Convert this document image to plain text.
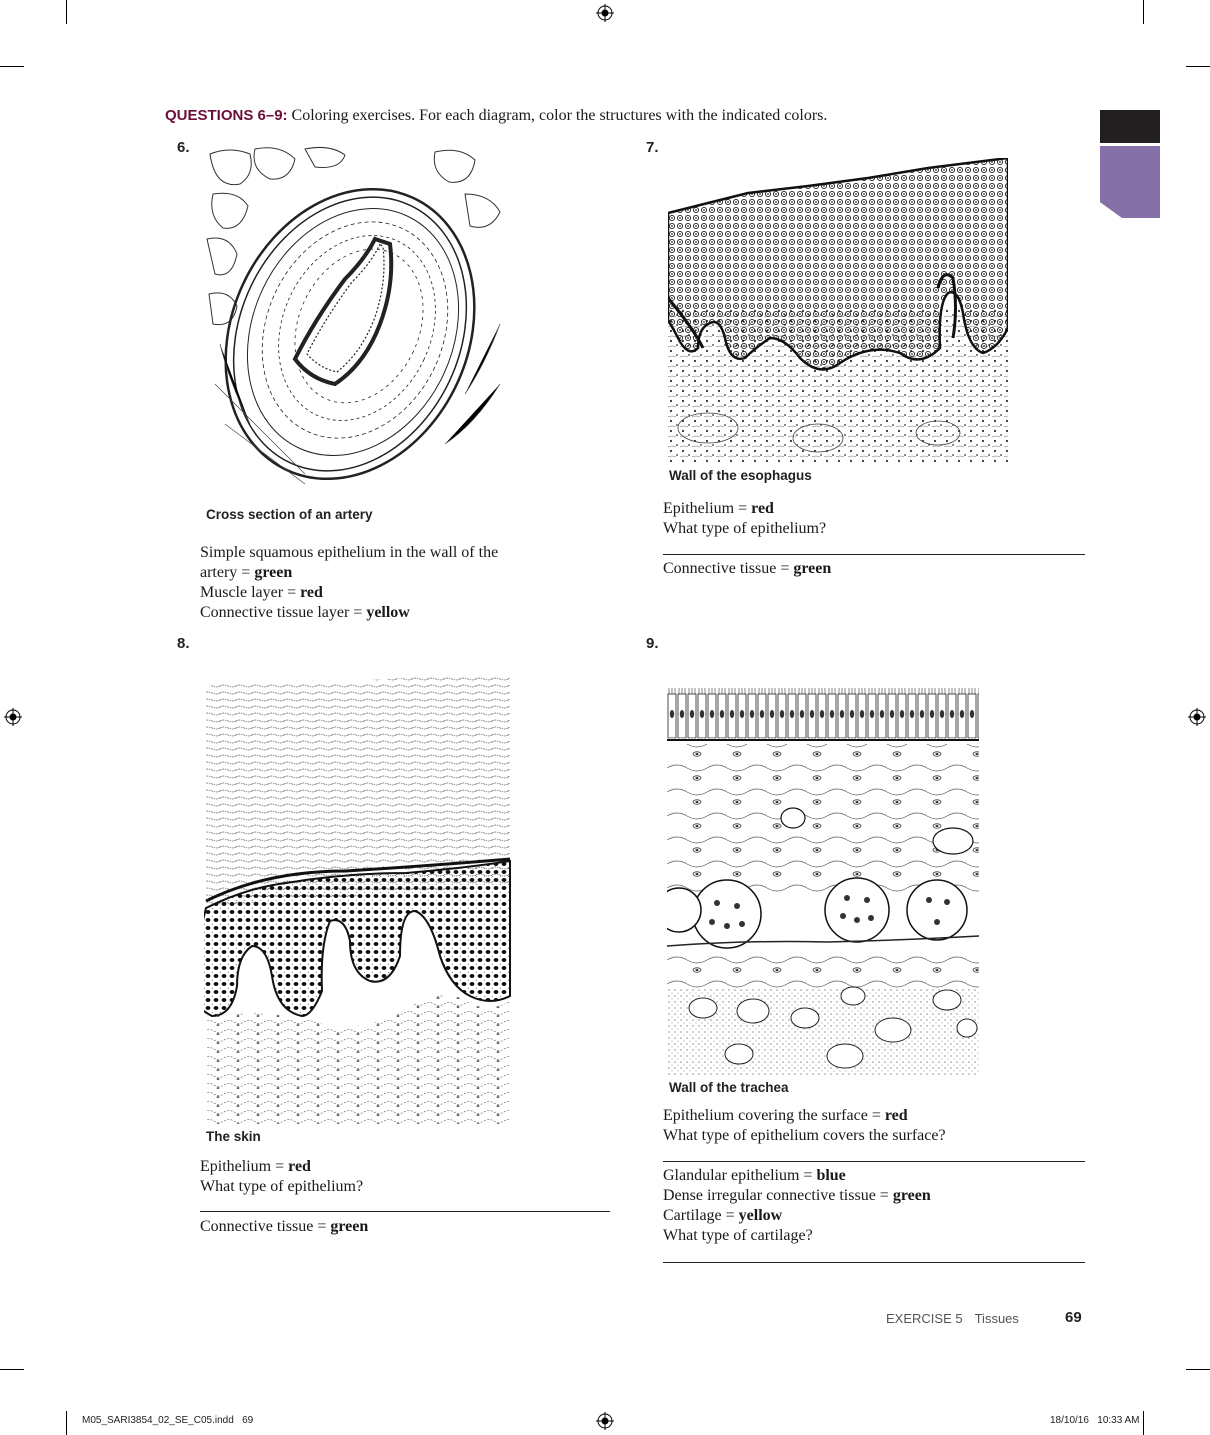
QUESTIONS 6–9: Coloring exercises. For each diagram, color the structures with the indicated colors.
6.
Cross section of an artery
Simple squamous epithelium in the wall of the
artery = green
Muscle layer = red
Connective tissue layer = yellow
7.
Wall of the esophagus
Epithelium = red
What type of epithelium?
Connective tissue = green
8.
The skin
Epithelium = red
What type of epithelium?
Connective tissue = green
9.
Wall of the trachea
Epithelium covering the surface = red
What type of epithelium covers the surface?
Glandular epithelium = blue
Dense irregular connective tissue = green
Cartilage = yellow
What type of cartilage?
EXERCISE 5 Tissues	69
M05_SARI3854_02_SE_C05.indd   69	18/10/16   10:33 AM
